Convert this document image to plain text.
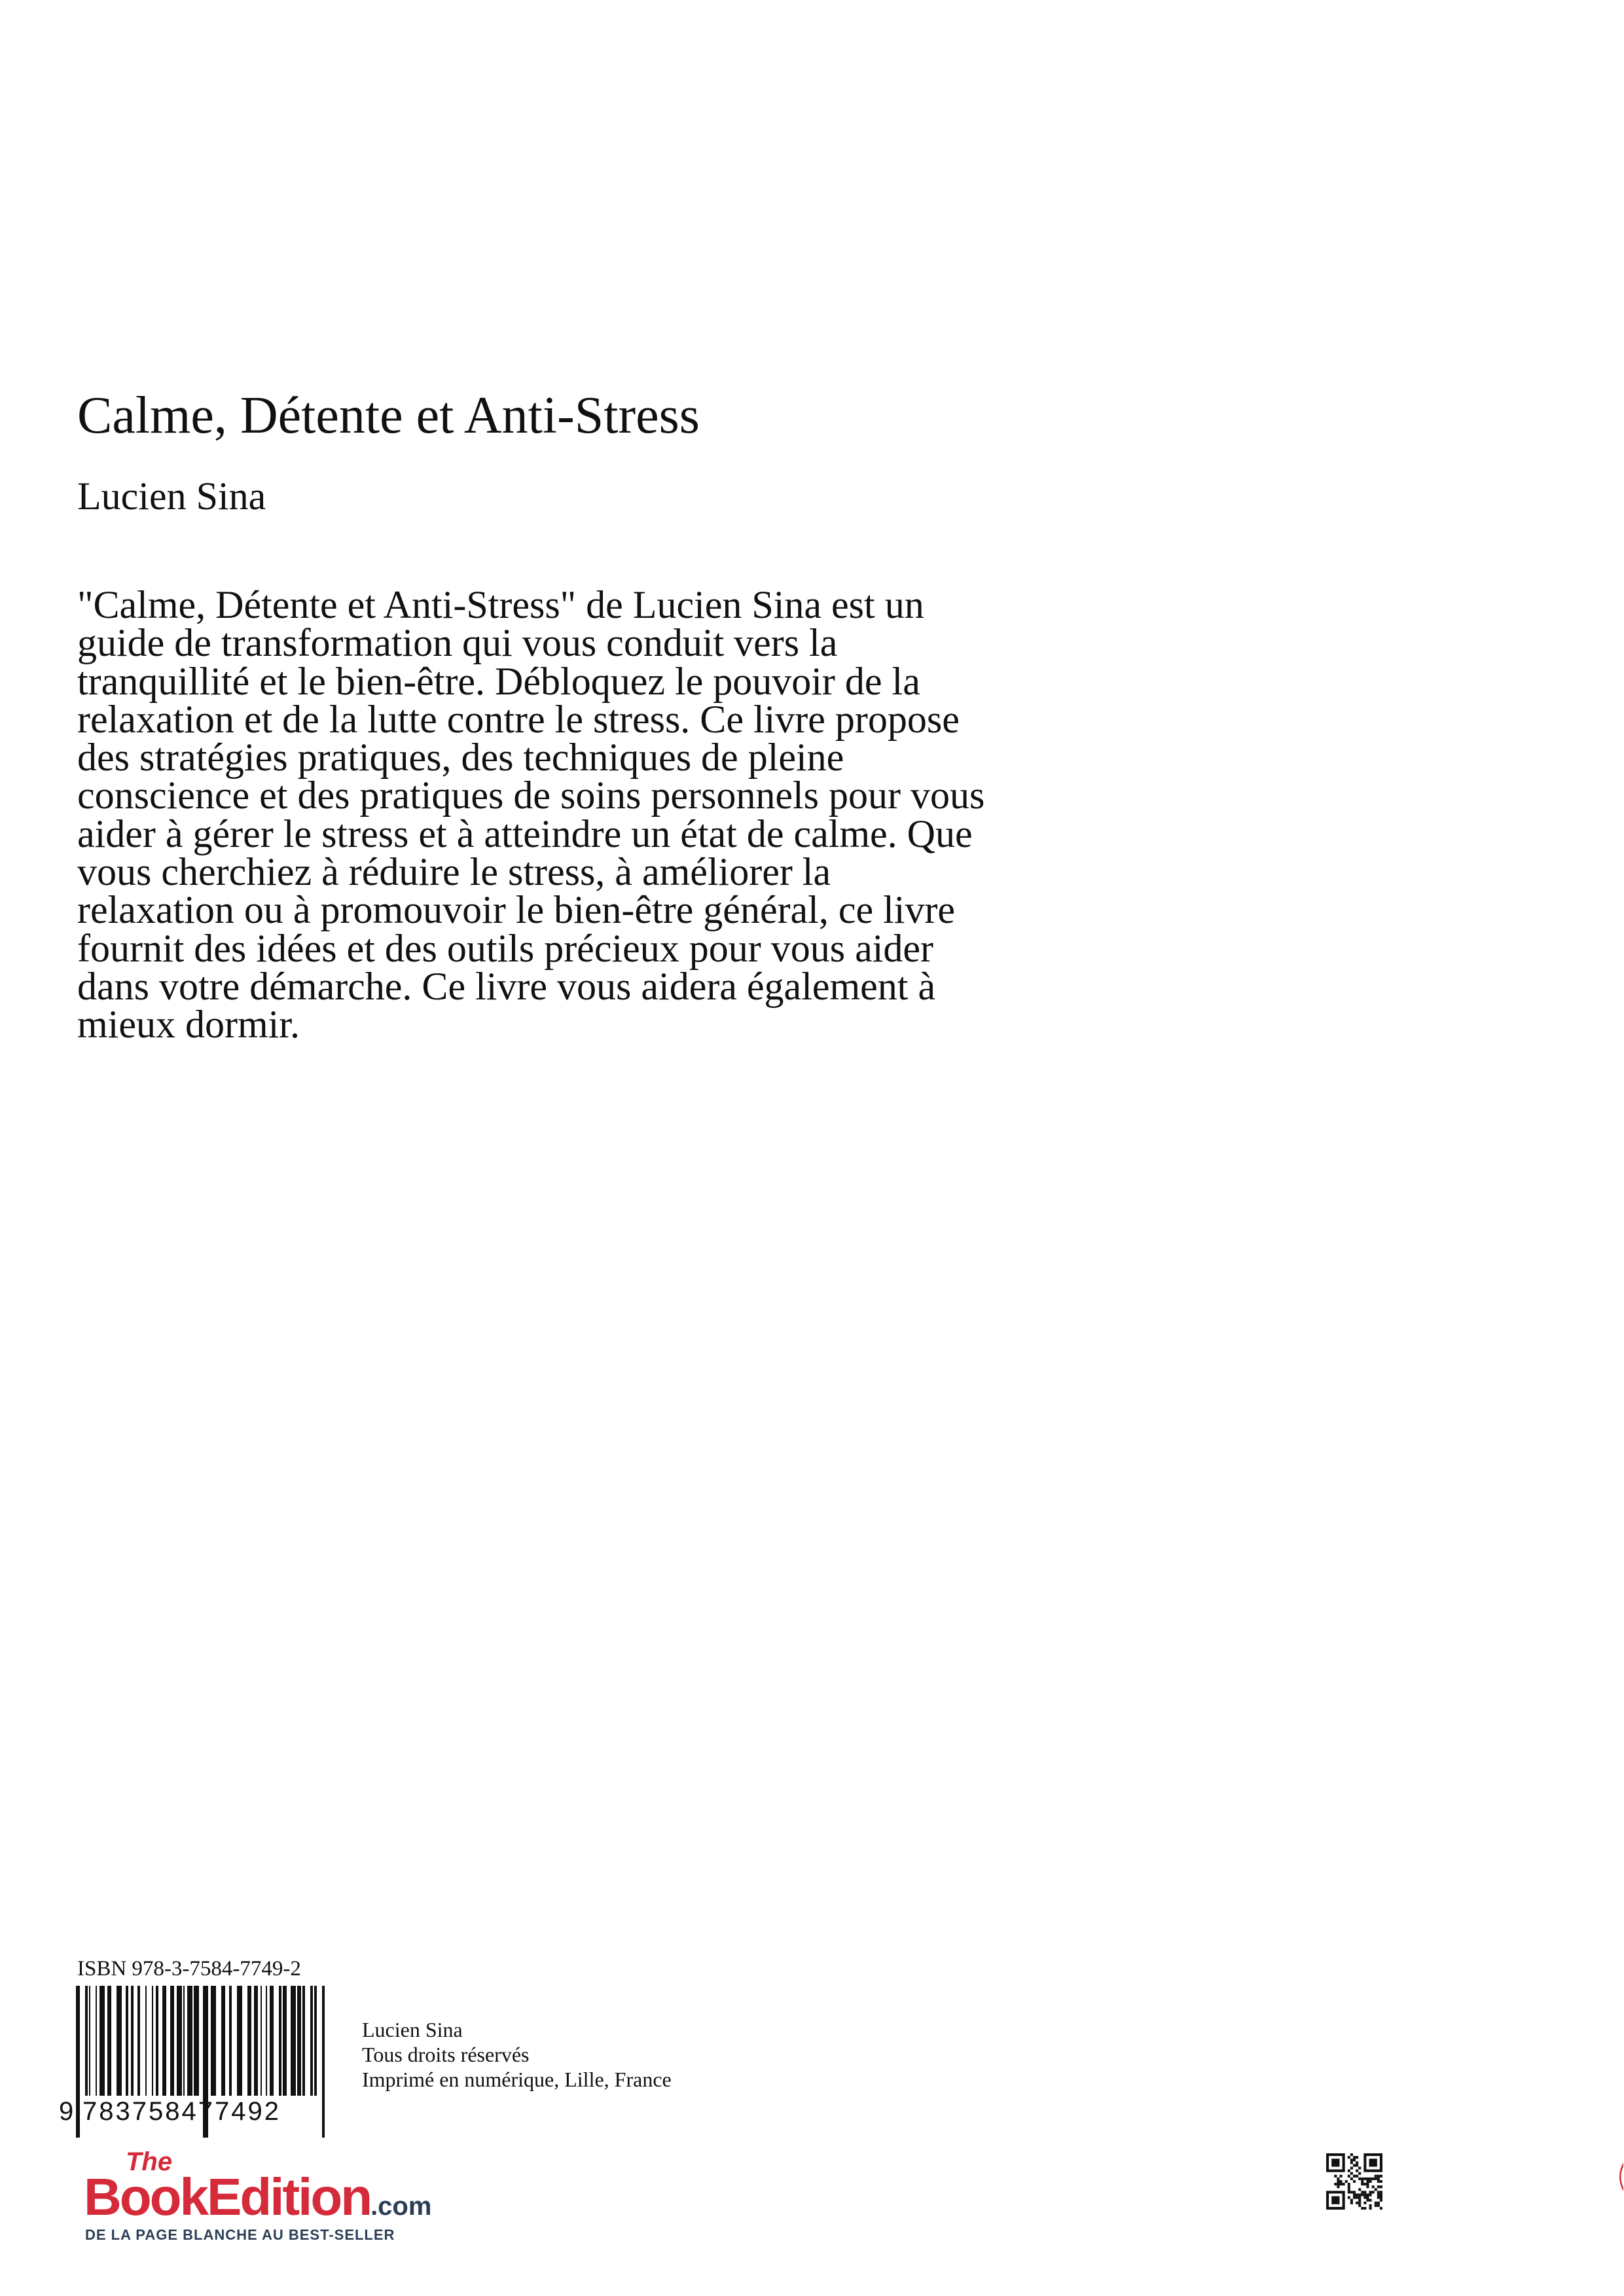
Calme, Détente et Anti-Stress
Lucien Sina
"Calme, Détente et Anti-Stress" de Lucien Sina est un
guide de transformation qui vous conduit vers la
tranquillité et le bien-être. Débloquez le pouvoir de la
relaxation et de la lutte contre le stress. Ce livre propose
des stratégies pratiques, des techniques de pleine
conscience et des pratiques de soins personnels pour vous
aider à gérer le stress et à atteindre un état de calme. Que
vous cherchiez à réduire le stress, à améliorer la
relaxation ou à promouvoir le bien-être général, ce livre
fournit des idées et des outils précieux pour vous aider
dans votre démarche. Ce livre vous aidera également à
mieux dormir.
ISBN 978-3-7584-7749-2
9 783758477492
Lucien Sina
Tous droits réservés
Imprimé en numérique, Lille, France
The
BookEdition.com
DE LA PAGE BLANCHE AU BEST-SELLER
